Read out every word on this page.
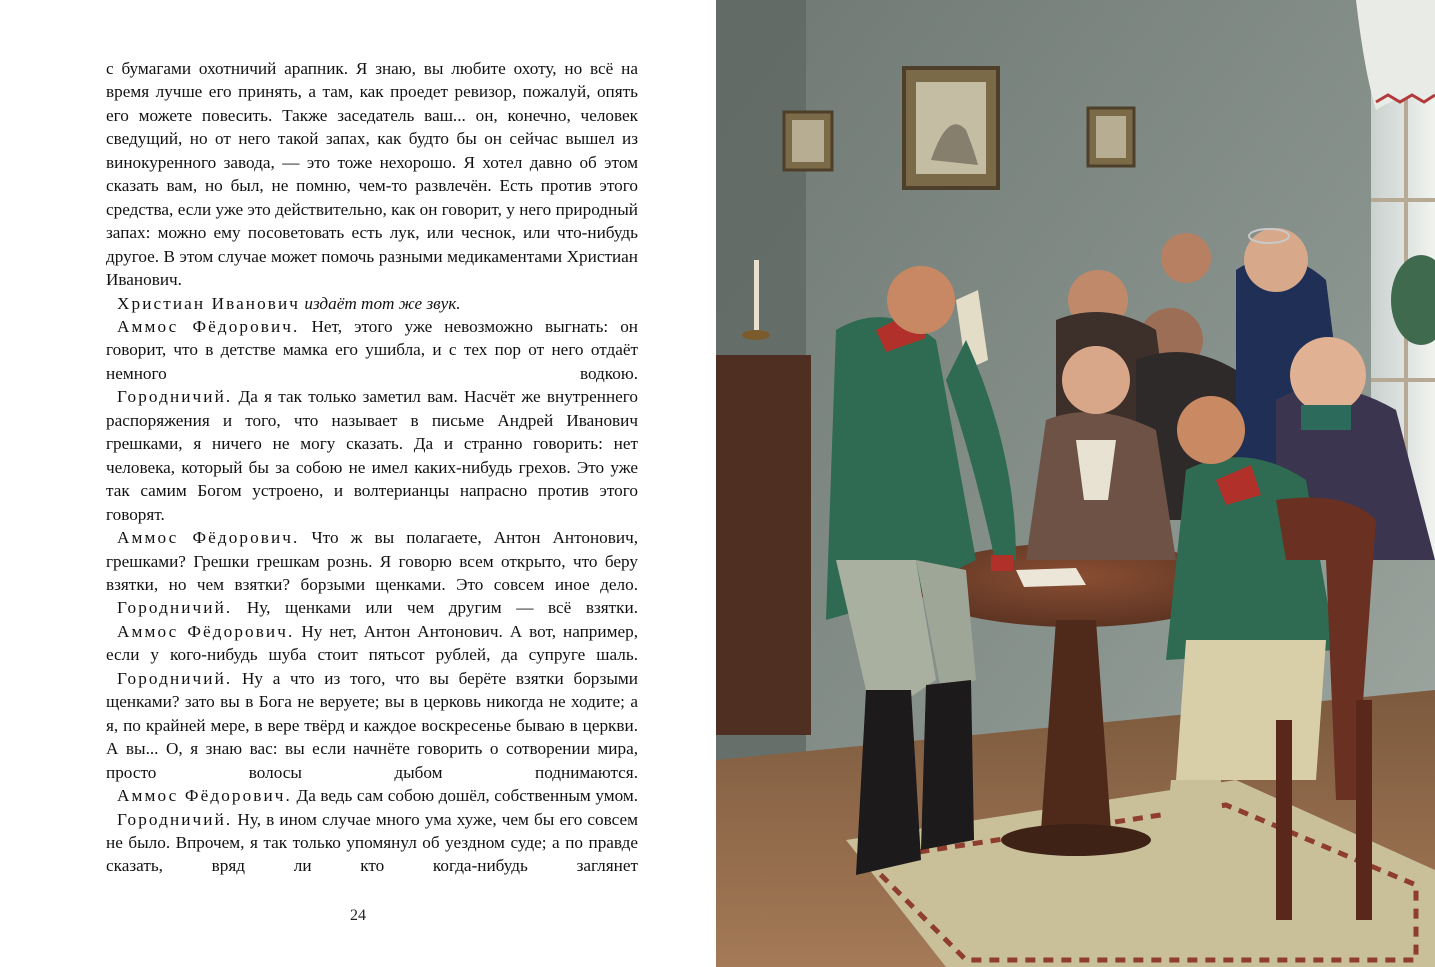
с бумагами охотничий арапник. Я знаю, вы любите охоту, но всё на время лучше его принять, а там, как проедет ревизор, пожалуй, опять его можете повесить. Также заседатель ваш... он, конечно, человек сведущий, но от него такой запах, как будто бы он сейчас вышел из винокуренного завода, — это тоже нехорошо. Я хотел давно об этом сказать вам, но был, не помню, чем-то развлечён. Есть против этого средства, если уже это действительно, как он говорит, у него природный запах: можно ему посоветовать есть лук, или чеснок, или что-нибудь другое. В этом случае может помочь разными медикаментами Христиан Иванович.

Христиан Иванович издаёт тот же звук.

Аммос Фёдорович. Нет, этого уже невозможно выгнать: он говорит, что в детстве мамка его ушибла, и с тех пор от него отдаёт немного водкою.

Городничий. Да я так только заметил вам. Насчёт же внутреннего распоряжения и того, что называет в письме Андрей Иванович грешками, я ничего не могу сказать. Да и странно говорить: нет человека, который бы за собою не имел каких-нибудь грехов. Это уже так самим Богом устроено, и волтерианцы напрасно против этого говорят.

Аммос Фёдорович. Что ж вы полагаете, Антон Антонович, грешками? Грешки грешкам рознь. Я говорю всем открыто, что беру взятки, но чем взятки? борзыми щенками. Это совсем иное дело.

Городничий. Ну, щенками или чем другим — всё взятки.

Аммос Фёдорович. Ну нет, Антон Антонович. А вот, например, если у кого-нибудь шуба стоит пятьсот рублей, да супруге шаль.

Городничий. Ну а что из того, что вы берёте взятки борзыми щенками? зато вы в Бога не веруете; вы в церковь никогда не ходите; а я, по крайней мере, в вере твёрд и каждое воскресенье бываю в церкви. А вы... О, я знаю вас: вы если начнёте говорить о сотворении мира, просто волосы дыбом поднимаются.

Аммос Фёдорович. Да ведь сам собою дошёл, собственным умом.

Городничий. Ну, в ином случае много ума хуже, чем бы его совсем не было. Впрочем, я так только упомянул об уездном суде; а по правде сказать, вряд ли кто когда-нибудь заглянет

24
